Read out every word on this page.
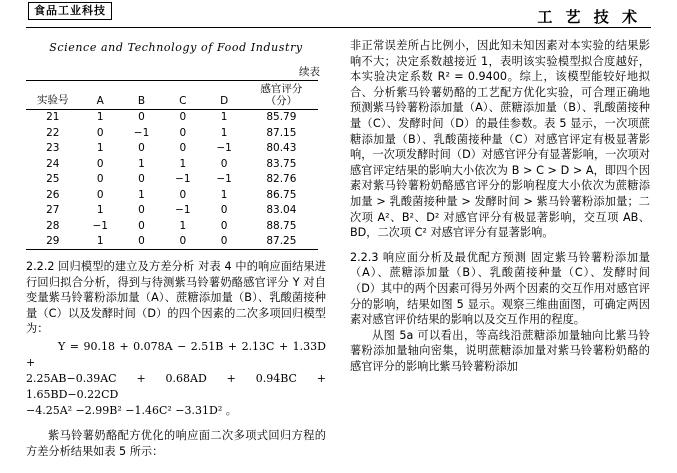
食品工业科技	工 艺 技 术
Science and Technology of Food Industry
续表
实验号	A	B	C	D	感官评分
（分）

21	1	0	0	1	85.79
22	0	−1	0	1	87.15
23	1	0	0	−1	80.43
24	0	1	1	0	83.75
25	0	0	−1	−1	82.76
26	0	1	0	1	86.75
27	1	0	−1	0	83.04
28	−1	0	1	0	88.75
29	1	0	0	0	87.25
2.2.2 回归模型的建立及方差分析 对表 4 中的响应面结果进行回归拟合分析，得到与待测紫马铃薯奶酪感官评分 Y 对自变量紫马铃薯粉添加量（A）、蔗糖添加量（B）、乳酸菌接种量（C）以及发酵时间（D）的四个因素的二次多项回归模型为：
Y = 90.18 + 0.078A − 2.51B + 2.13C + 1.33D +
2.25AB−0.39AC + 0.68AD + 0.94BC + 1.65BD−0.22CD
−4.25A² −2.99B² −1.46C² −3.31D² 。
紫马铃薯奶酪配方优化的响应面二次多项式回归方程的方差分析结果如表 5 所示：
非正常误差所占比例小，因此知未知因素对本实验的结果影响不大；决定系数越接近 1，表明该实验模型拟合度越好，本实验决定系数 R² = 0.9400。综上，该模型能较好地拟合、分析紫马铃薯奶酪的工艺配方优化实验，可合理正确地预测紫马铃薯粉添加量（A）、蔗糖添加量（B）、乳酸菌接种量（C）、发酵时间（D）的最佳参数。表 5 显示，一次项蔗糖添加量（B）、乳酸菌接种量（C）对感官评定有极显著影响，一次项发酵时间（D）对感官评分有显著影响，一次项对感官评定结果的影响大小依次为 B > C > D > A，即四个因素对紫马铃薯粉奶酪感官评分的影响程度大小依次为蔗糖添加量 > 乳酸菌接种量 > 发酵时间 > 紫马铃薯粉添加量；二次项 A²、B²、D² 对感官评分有极显著影响，交互项 AB、BD，二次项 C² 对感官评分有显著影响。
2.2.3 响应面分析及最优配方预测 固定紫马铃薯粉添加量（A）、蔗糖添加量（B）、乳酸菌接种量（C）、发酵时间（D）其中的两个因素可得另外两个因素的交互作用对感官评分的影响，结果如图 5 显示。观察三维曲面图，可确定两因素对感官评价结果的影响以及交互作用的程度。
从图 5a 可以看出，等高线沿蔗糖添加量轴向比紫马铃薯粉添加量轴向密集，说明蔗糖添加量对紫马铃薯粉奶酪的感官评分的影响比紫马铃薯粉添加
